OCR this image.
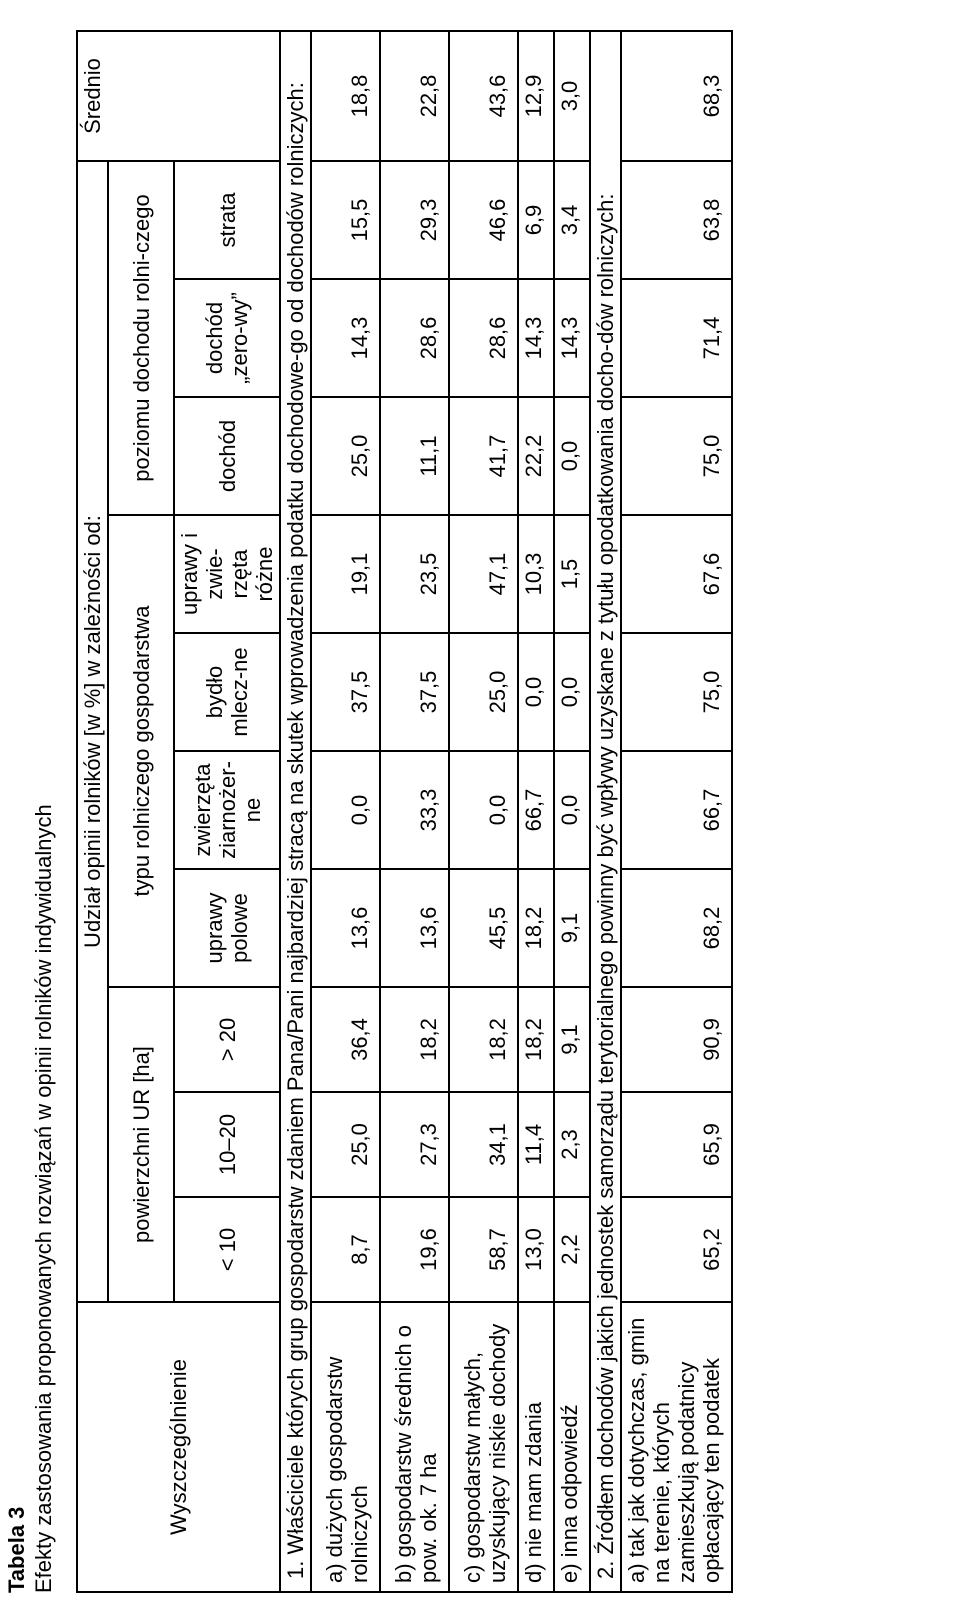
Tabela 3 Efekty zastosowania proponowanych rozwiązań w opinii rolników indywidualnych	Wyszczególnienie	Udział opinii rolników [w %] w zależności od:										Średnio
	powierzchni UR [ha]			typu rolniczego gospodarstwa				poziomu dochodu rolni-czego			
	< 10	10–20	> 20	uprawy polowe	zwierzęta ziarnożer-ne	bydło mlecz-ne	uprawy i zwie-rzęta różne	dochód	dochód „zero-wy”	strata	
1. Właściciele których grup gospodarstw zdaniem Pana/Pani najbardziej stracą na skutek wprowadzenia podatku dochodowe-go od dochodów rolniczych:											
a) dużych gospodarstw rolniczych	8,7	25,0	36,4	13,6	0,0	37,5	19,1	25,0	14,3	15,5	18,8
b) gospodarstw średnich o pow. ok. 7 ha	19,6	27,3	18,2	13,6	33,3	37,5	23,5	11,1	28,6	29,3	22,8
c) gospodarstw małych, uzyskujący niskie dochody	58,7	34,1	18,2	45,5	0,0	25,0	47,1	41,7	28,6	46,6	43,6
d) nie mam zdania	13,0	11,4	18,2	18,2	66,7	0,0	10,3	22,2	14,3	6,9	12,9
e) inna odpowiedź	2,2	2,3	9,1	9,1	0,0	0,0	1,5	0,0	14,3	3,4	3,0
2. Źródłem dochodów jakich jednostek samorządu terytorialnego powinny być wpływy uzyskane z tytułu opodatkowania docho-dów rolniczych:											
a) tak jak dotychczas, gmin na terenie, których zamieszkują podatnicy opłacający ten podatek	65,2	65,9	90,9	68,2	66,7	75,0	67,6	75,0	71,4	63,8	68,3
